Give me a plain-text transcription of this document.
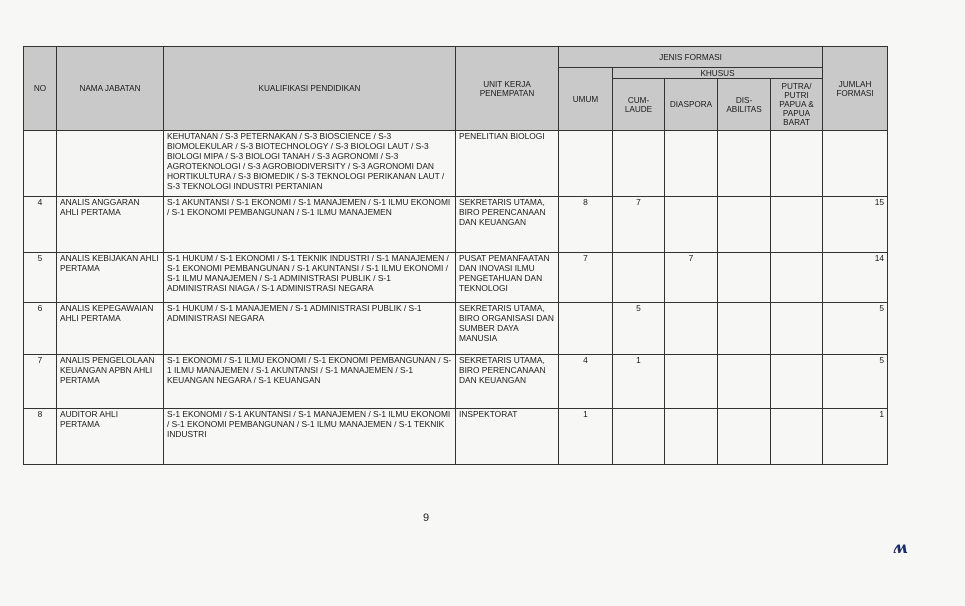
NO	NAMA JABATAN	KUALIFIKASI PENDIDIKAN	UNIT KERJA PENEMPATAN	JENIS FORMASI					JUMLAH FORMASI
				UMUM	KHUSUS				
					CUM-LAUDE	DIASPORA	DIS-ABILITAS	PUTRA/ PUTRI PAPUA & PAPUA BARAT	
		KEHUTANAN / S-3 PETERNAKAN / S-3 BIOSCIENCE / S-3 BIOMOLEKULAR / S-3 BIOTECHNOLOGY / S-3 BIOLOGI LAUT / S-3 BIOLOGI MIPA / S-3 BIOLOGI TANAH / S-3 AGRONOMI / S-3 AGROTEKNOLOGI / S-3 AGROBIODIVERSITY / S-3 AGRONOMI DAN HORTIKULTURA / S-3 BIOMEDIK / S-3 TEKNOLOGI PERIKANAN LAUT / S-3 TEKNOLOGI INDUSTRI PERTANIAN	PENELITIAN BIOLOGI						
4	ANALIS ANGGARAN AHLI PERTAMA	S-1 AKUNTANSI / S-1 EKONOMI / S-1 MANAJEMEN / S-1 ILMU EKONOMI / S-1 EKONOMI PEMBANGUNAN / S-1 ILMU MANAJEMEN	SEKRETARIS UTAMA, BIRO PERENCANAAN DAN KEUANGAN	8	7				15
5	ANALIS KEBIJAKAN AHLI PERTAMA	S-1 HUKUM / S-1 EKONOMI / S-1 TEKNIK INDUSTRI / S-1 MANAJEMEN / S-1 EKONOMI PEMBANGUNAN / S-1 AKUNTANSI / S-1 ILMU EKONOMI / S-1 ILMU MANAJEMEN / S-1 ADMINISTRASI PUBLIK / S-1 ADMINISTRASI NIAGA / S-1 ADMINISTRASI NEGARA	PUSAT PEMANFAATAN DAN INOVASI ILMU PENGETAHUAN DAN TEKNOLOGI	7		7			14
6	ANALIS KEPEGAWAIAN AHLI PERTAMA	S-1 HUKUM / S-1 MANAJEMEN / S-1 ADMINISTRASI PUBLIK / S-1 ADMINISTRASI NEGARA	SEKRETARIS UTAMA, BIRO ORGANISASI DAN SUMBER DAYA MANUSIA		5				5
7	ANALIS PENGELOLAAN KEUANGAN APBN AHLI PERTAMA	S-1 EKONOMI / S-1 ILMU EKONOMI / S-1 EKONOMI PEMBANGUNAN / S-1 ILMU MANAJEMEN / S-1 AKUNTANSI / S-1 MANAJEMEN / S-1 KEUANGAN NEGARA / S-1 KEUANGAN	SEKRETARIS UTAMA, BIRO PERENCANAAN DAN KEUANGAN	4	1				5
8	AUDITOR AHLI PERTAMA	S-1 EKONOMI / S-1 AKUNTANSI / S-1 MANAJEMEN / S-1 ILMU EKONOMI / S-1 EKONOMI PEMBANGUNAN / S-1 ILMU MANAJEMEN / S-1 TEKNIK INDUSTRI	INSPEKTORAT	1					1
9
ʍ
